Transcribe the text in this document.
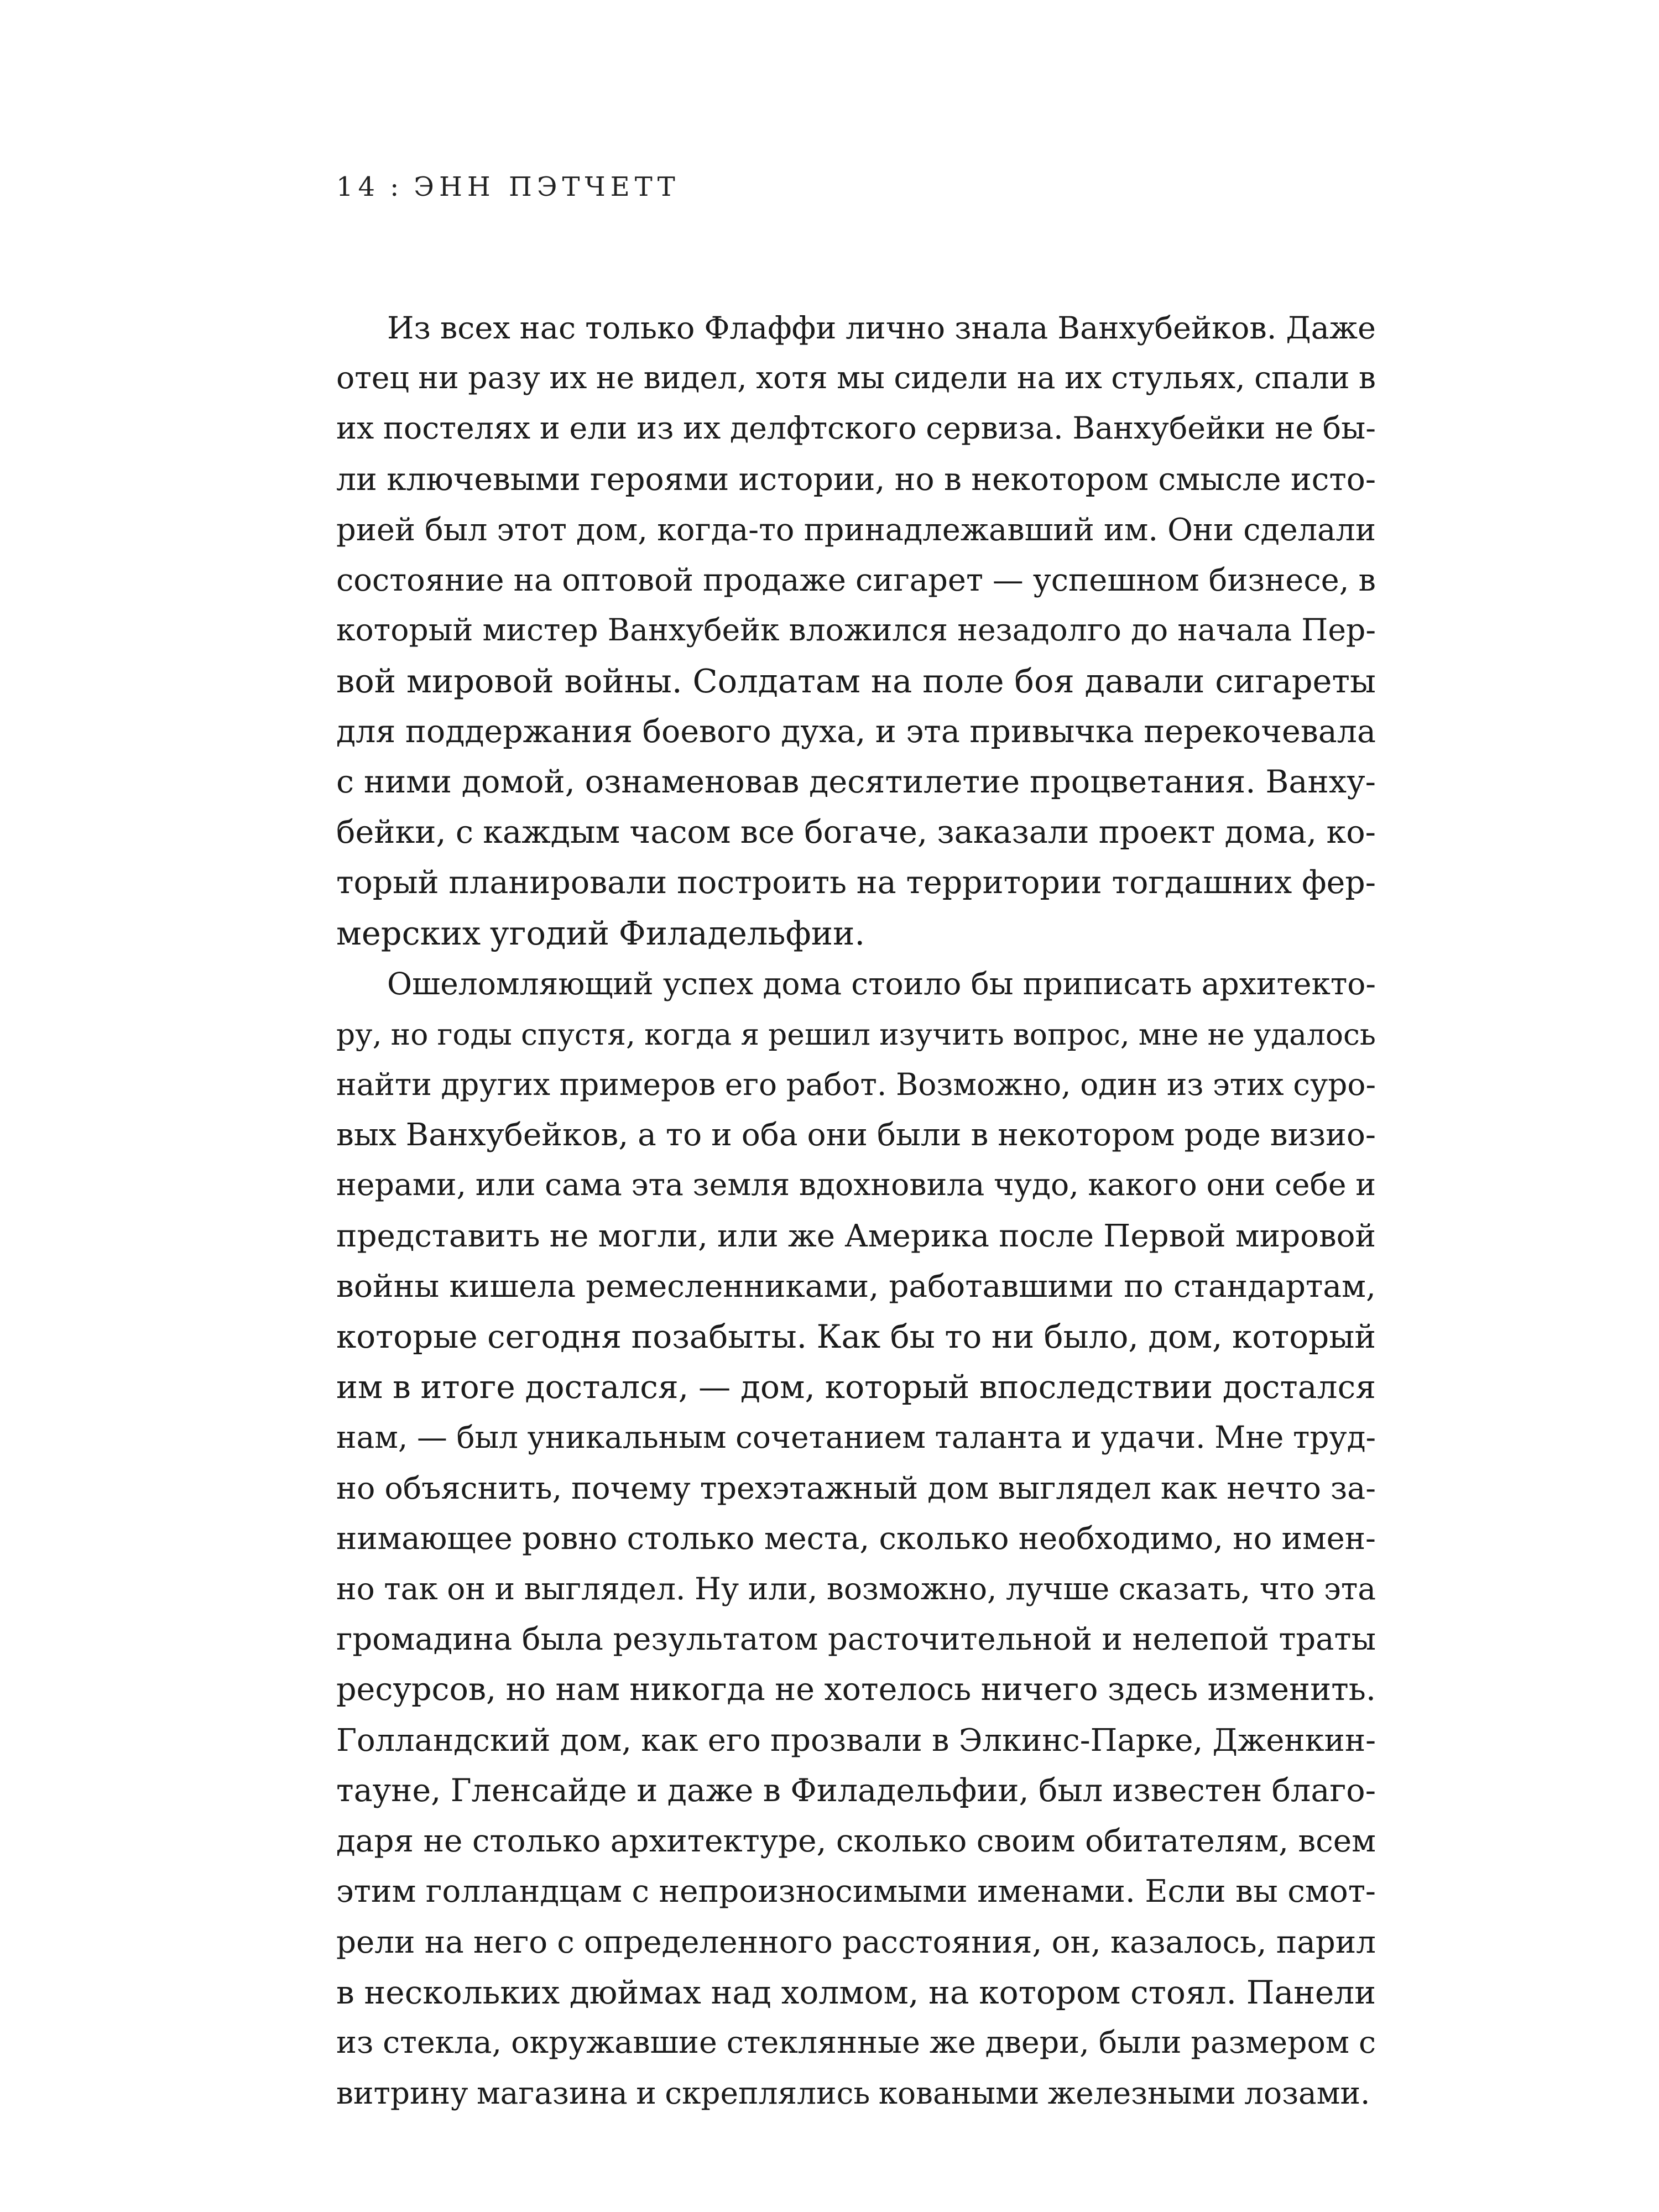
14 : ЭНН ПЭТЧЕТТ

Из всех нас только Флаффи лично знала Ванхубейков. Даже
отец ни разу их не видел, хотя мы сидели на их стульях, спали в
их постелях и ели из их делфтского сервиза. Ванхубейки не бы-
ли ключевыми героями истории, но в некотором смысле исто-
рией был этот дом, когда-то принадлежавший им. Они сделали
состояние на оптовой продаже сигарет — успешном бизнесе, в
который мистер Ванхубейк вложился незадолго до начала Пер-
вой мировой войны. Солдатам на поле боя давали сигареты
для поддержания боевого духа, и эта привычка перекочевала
с ними домой, ознаменовав десятилетие процветания. Ванху-
бейки, с каждым часом все богаче, заказали проект дома, ко-
торый планировали построить на территории тогдашних фер-
мерских угодий Филадельфии.

Ошеломляющий успех дома стоило бы приписать архитекто-
ру, но годы спустя, когда я решил изучить вопрос, мне не удалось
найти других примеров его работ. Возможно, один из этих суро-
вых Ванхубейков, а то и оба они были в некотором роде визио-
нерами, или сама эта земля вдохновила чудо, какого они себе и
представить не могли, или же Америка после Первой мировой
войны кишела ремесленниками, работавшими по стандартам,
которые сегодня позабыты. Как бы то ни было, дом, который
им в итоге достался, — дом, который впоследствии достался
нам, — был уникальным сочетанием таланта и удачи. Мне труд-
но объяснить, почему трехэтажный дом выглядел как нечто за-
нимающее ровно столько места, сколько необходимо, но имен-
но так он и выглядел. Ну или, возможно, лучше сказать, что эта
громадина была результатом расточительной и нелепой траты
ресурсов, но нам никогда не хотелось ничего здесь изменить.
Голландский дом, как его прозвали в Элкинс-Парке, Дженкин-
тауне, Гленсайде и даже в Филадельфии, был известен благо-
даря не столько архитектуре, сколько своим обитателям, всем
этим голландцам с непроизносимыми именами. Если вы смот-
рели на него с определенного расстояния, он, казалось, парил
в нескольких дюймах над холмом, на котором стоял. Панели
из стекла, окружавшие стеклянные же двери, были размером с
витрину магазина и скреплялись коваными железными лозами.
